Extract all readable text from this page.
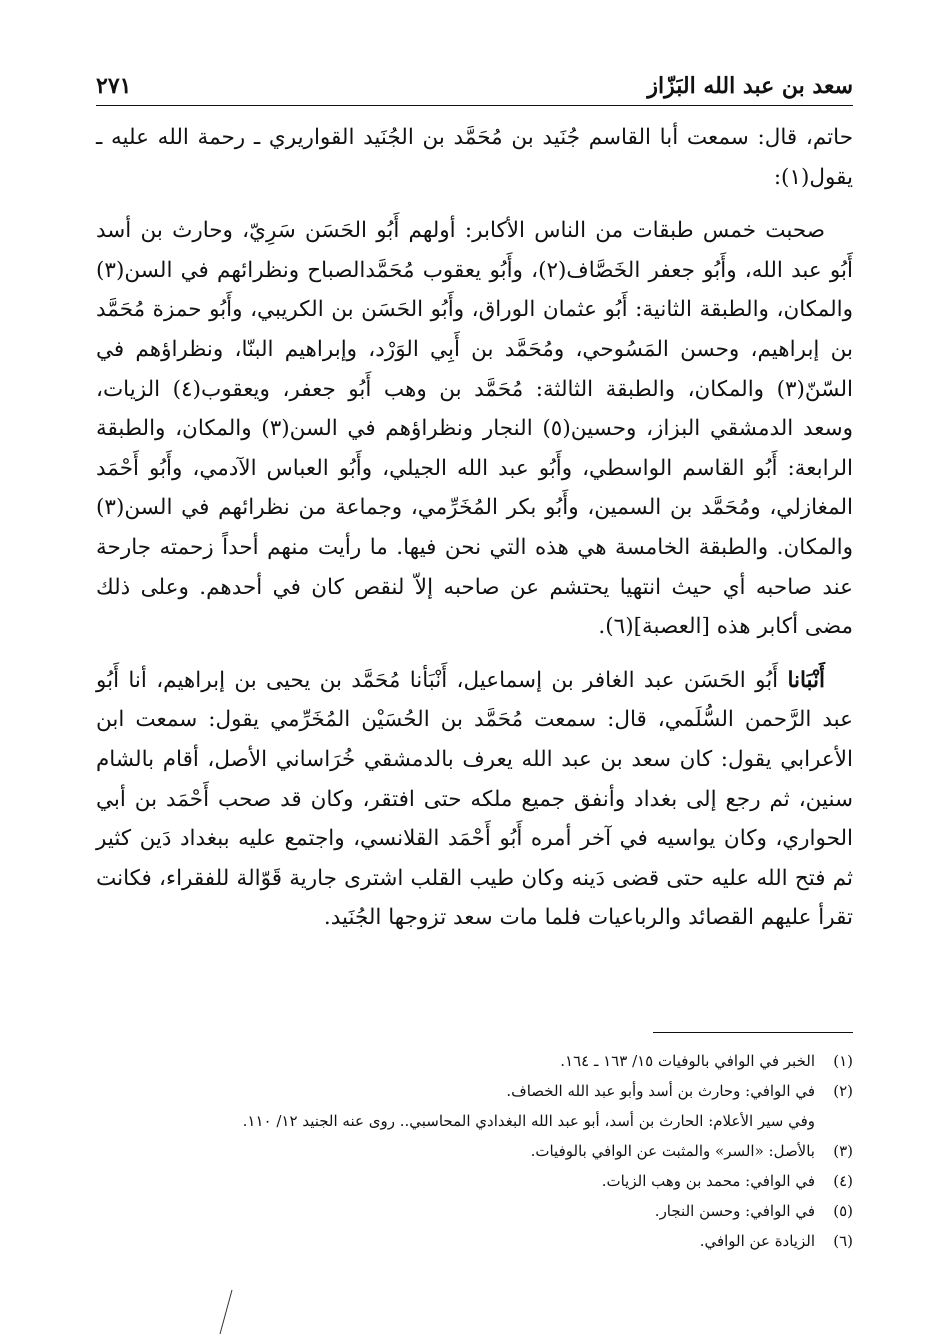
سعد بن عبد الله البَزّاز
٢٧١

حاتم، قال: سمعت أبا القاسم جُنَيد بن مُحَمَّد بن الجُنَيد القواريري ـ رحمة الله عليه ـ يقول(١):

صحبت خمس طبقات من الناس الأكابر: أولهم أَبُو الحَسَن سَرِيّ، وحارث بن أسد أَبُو عبد الله، وأَبُو جعفر الخَصَّاف(٢)، وأَبُو يعقوب مُحَمَّدالصباح ونظرائهم في السن(٣) والمكان، والطبقة الثانية: أَبُو عثمان الوراق، وأَبُو الحَسَن بن الكريبي، وأَبُو حمزة مُحَمَّد بن إبراهيم، وحسن المَسُوحي، ومُحَمَّد بن أَبِي الوَرْد، وإبراهيم البنّا، ونظراؤهم في السّنّ(٣) والمكان، والطبقة الثالثة: مُحَمَّد بن وهب أَبُو جعفر، ويعقوب(٤) الزيات، وسعد الدمشقي البزاز، وحسين(٥) النجار ونظراؤهم في السن(٣) والمكان، والطبقة الرابعة: أَبُو القاسم الواسطي، وأَبُو عبد الله الجيلي، وأَبُو العباس الآدمي، وأَبُو أَحْمَد المغازلي، ومُحَمَّد بن السمين، وأَبُو بكر المُخَرِّمي، وجماعة من نظرائهم في السن(٣) والمكان. والطبقة الخامسة هي هذه التي نحن فيها. ما رأيت منهم أحداً زحمته جارحة عند صاحبه أي حيث انتهيا يحتشم عن صاحبه إلاّ لنقص كان في أحدهم. وعلى ذلك مضى أكابر هذه [العصبة](٦).

أَنْبَانا أَبُو الحَسَن عبد الغافر بن إسماعيل، أَنْبَأنا مُحَمَّد بن يحيى بن إبراهيم، أنا أَبُو عبد الرَّحمن السُّلَمي، قال: سمعت مُحَمَّد بن الحُسَيْن المُخَرِّمي يقول: سمعت ابن الأعرابي يقول: كان سعد بن عبد الله يعرف بالدمشقي خُرَاساني الأصل، أقام بالشام سنين، ثم رجع إلى بغداد وأنفق جميع ملكه حتى افتقر، وكان قد صحب أَحْمَد بن أبي الحواري، وكان يواسيه في آخر أمره أَبُو أَحْمَد القلانسي، واجتمع عليه ببغداد دَين كثير ثم فتح الله عليه حتى قضى دَينه وكان طيب القلب اشترى جارية قَوّالة للفقراء، فكانت تقرأ عليهم القصائد والرباعيات فلما مات سعد تزوجها الجُنَيد.

(١)
الخبر في الوافي بالوفيات ١٥/ ١٦٣ ـ ١٦٤.
(٢)
في الوافي: وحارث بن أسد وأبو عبد الله الخصاف.
وفي سير الأعلام: الحارث بن أسد، أبو عبد الله البغدادي المحاسبي.. روى عنه الجنيد ١٢/ ١١٠.
(٣)
بالأصل: «السر» والمثبت عن الوافي بالوفيات.
(٤)
في الوافي: محمد بن وهب الزيات.
(٥)
في الوافي: وحسن النجار.
(٦)
الزيادة عن الوافي.
